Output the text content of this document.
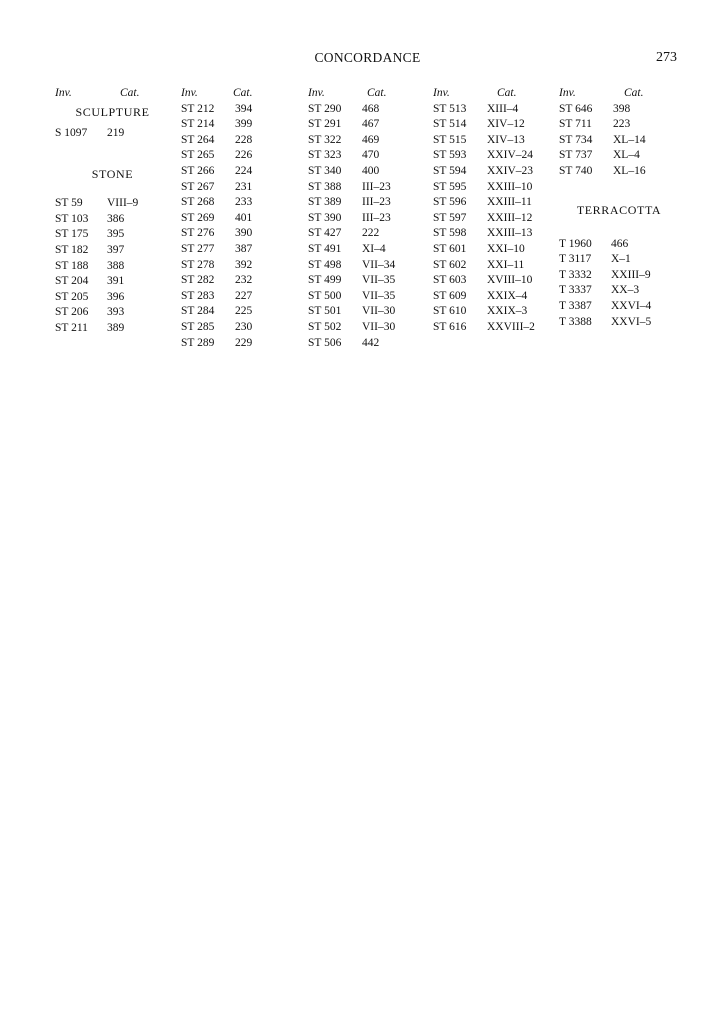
CONCORDANCE	273
Inv.	Cat.
SCULPTURE
S 1097 219
STONE
ST 59 VIII–9
ST 103 386
ST 175 395
ST 182 397
ST 188 388
ST 204 391
ST 205 396
ST 206 393
ST 211 389
Inv.	Cat.
ST 212 394
ST 214 399
ST 264 228
ST 265 226
ST 266 224
ST 267 231
ST 268 233
ST 269 401
ST 276 390
ST 277 387
ST 278 392
ST 282 232
ST 283 227
ST 284 225
ST 285 230
ST 289 229
Inv.	Cat.
ST 290 468
ST 291 467
ST 322 469
ST 323 470
ST 340 400
ST 388 III–23
ST 389 III–23
ST 390 III–23
ST 427 222
ST 491 XI–4
ST 498 VII–34
ST 499 VII–35
ST 500 VII–35
ST 501 VII–30
ST 502 VII–30
ST 506 442
Inv.	Cat.
ST 513 XIII–4
ST 514 XIV–12
ST 515 XIV–13
ST 593 XXIV–24
ST 594 XXIV–23
ST 595 XXIII–10
ST 596 XXIII–11
ST 597 XXIII–12
ST 598 XXIII–13
ST 601 XXI–10
ST 602 XXI–11
ST 603 XVIII–10
ST 609 XXIX–4
ST 610 XXIX–3
ST 616 XXVIII–2
Inv.	Cat.
ST 646 398
ST 711 223
ST 734 XL–14
ST 737 XL–4
ST 740 XL–16
TERRACOTTA
T 1960 466
T 3117 X–1
T 3332 XXIII–9
T 3337 XX–3
T 3387 XXVI–4
T 3388 XXVI–5
